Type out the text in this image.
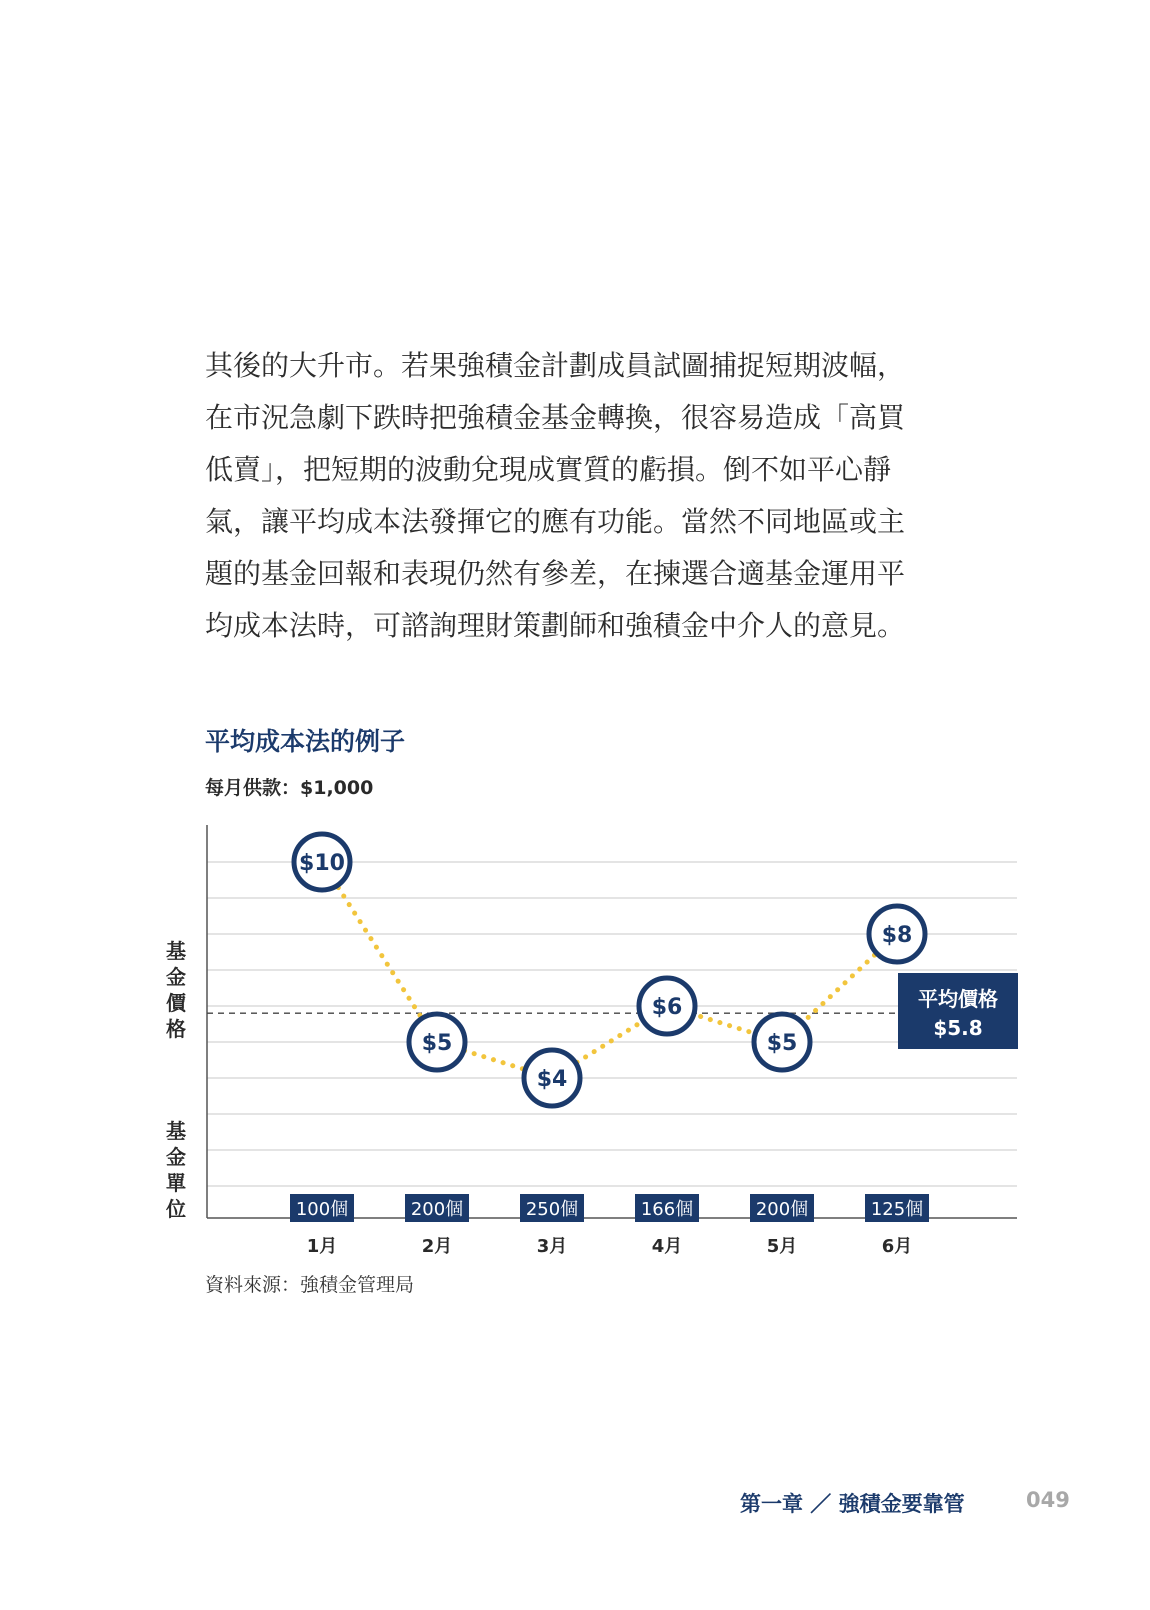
其後的大升市。若果強積金計劃成員試圖捕捉短期波幅，
在市況急劇下跌時把強積金基金轉換，很容易造成「高買
低賣」，把短期的波動兌現成實質的虧損。倒不如平心靜
氣，讓平均成本法發揮它的應有功能。當然不同地區或主
題的基金回報和表現仍然有參差，在揀選合適基金運用平
均成本法時，可諮詢理財策劃師和強積金中介人的意見。
平均成本法的例子
每月供款：$1,000
平均價格
$5.8
$10
$5
$4
$6
$5
$8
100個	200個	250個	166個	200個	125個
1月	2月	3月	4月	5月	6月
基
金
價
格
基
金
單
位
資料來源：強積金管理局
第一章 ／ 強積金要靠管	049
